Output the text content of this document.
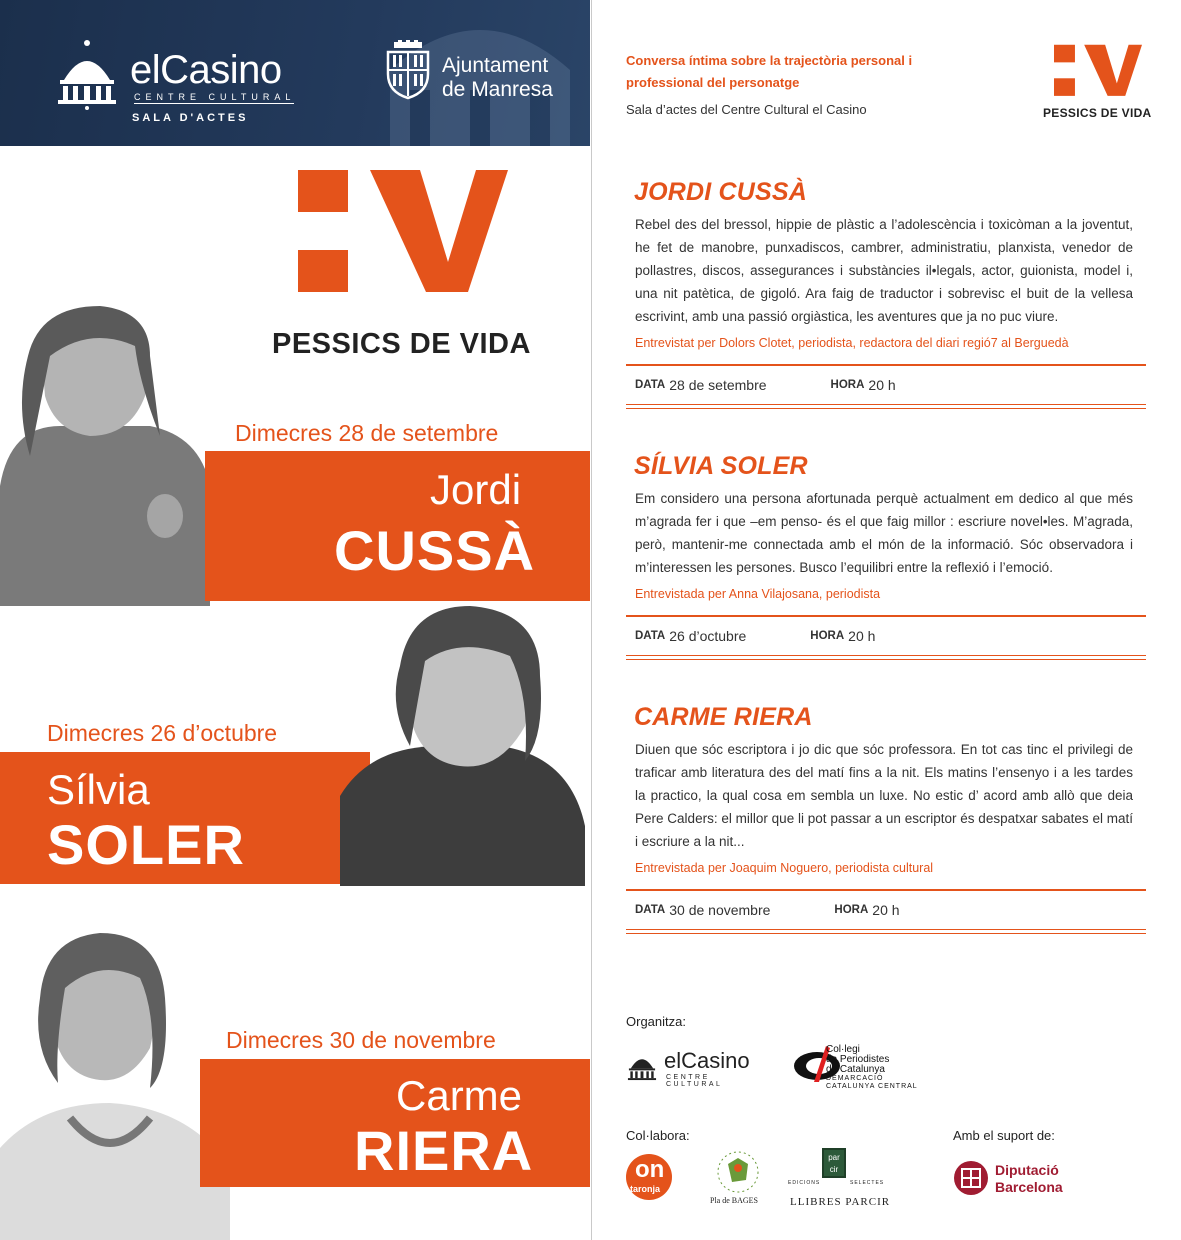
elCasino
CENTRE CULTURAL
SALA D'ACTES
Ajuntament
de Manresa
PESSICS DE VIDA
Dimecres 28 de setembre
Jordi
CUSSÀ
Dimecres 26 d’octubre
Sílvia
SOLER
Dimecres 30 de novembre
Carme
RIERA
Conversa íntima sobre la trajectòria personal i professional del personatge
Sala d’actes del Centre Cultural el Casino	PESSICS DE VIDA
JORDI CUSSÀ
Rebel des del bressol, hippie de plàstic a l’adolescència i toxicòman a la joventut, he fet de manobre, punxadiscos, cambrer, administratiu, planxista, venedor de pollastres, discos, assegurances i substàncies il•legals, actor, guionista, model i, una nit patètica, de gigoló. Ara faig de traductor i sobrevisc el buit de la vellesa escrivint, amb una passió orgiàstica, les aventures que ja no puc viure.
Entrevistat per Dolors Clotet, periodista, redactora del diari regió7 al Berguedà
DATA 28 de setembre	HORA 20 h
SÍLVIA SOLER
Em considero una persona afortunada perquè actualment em dedico al que més m’agrada fer i que –em penso- és el que faig millor : escriure novel•les. M’agrada, però, mantenir-me connectada amb el món de la informació. Sóc observadora i m’interessen les persones. Busco l’equilibri entre la reflexió i l’emoció.
Entrevistada per Anna Vilajosana, periodista
DATA 26 d’octubre	HORA 20 h
CARME RIERA
Diuen que sóc escriptora i jo dic que sóc professora. En tot cas tinc el privilegi de traficar amb literatura des del matí fins a la nit. Els matins l’ensenyo i a les tardes la practico, la qual cosa em sembla un luxe. No estic d’ acord amb allò que deia Pere Calders: el millor que li pot passar a un escriptor és despatxar sabates el matí i escriure a la nit...
Entrevistada per Joaquim Noguero, periodista cultural
DATA 30 de novembre	HORA 20 h
Organitza:
elCasino
CENTRE CULTURAL
Col·legi
de Periodistes
de Catalunya
DEMARCACIÓ
CATALUNYA CENTRAL
Col·labora:	Amb el suport de:
on
taronja
Pla de BAGES
par cir
EDICIONS	SELECTES
LLIBRES PARCIR
Diputació
Barcelona
